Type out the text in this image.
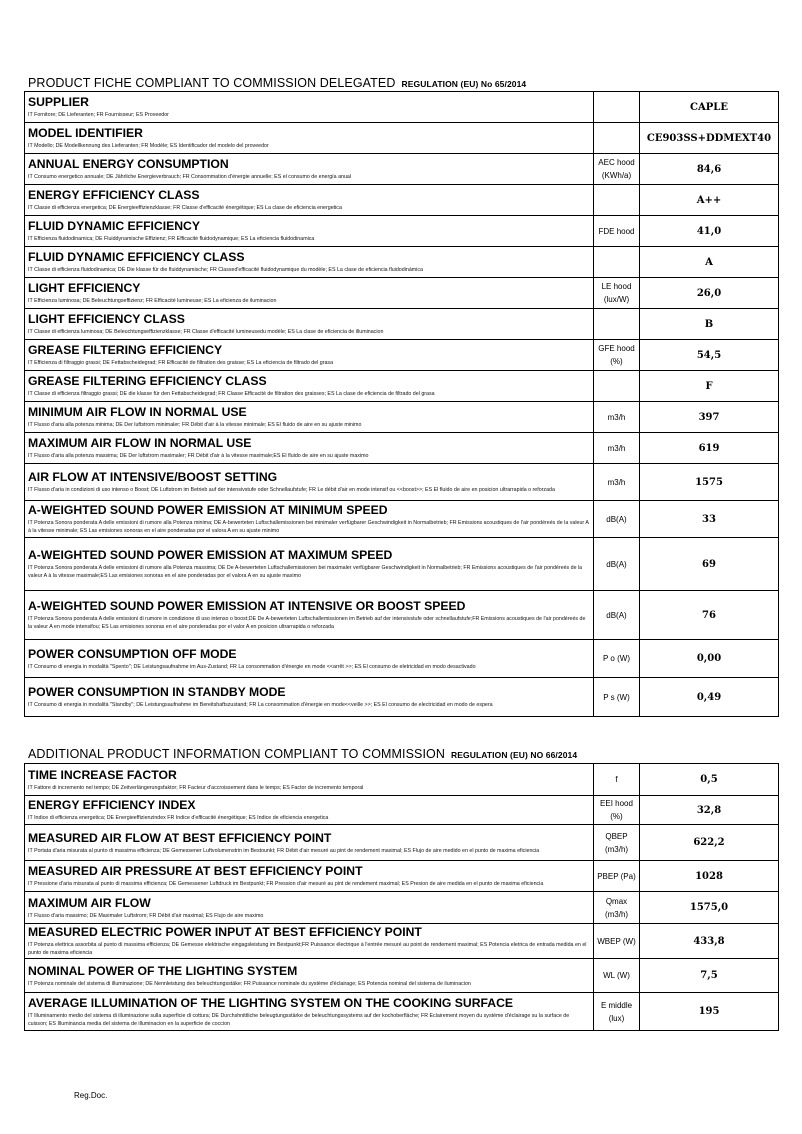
PRODUCT FICHE COMPLIANT TO COMMISSION DELEGATED REGULATION (EU) No 65/2014
SUPPLIER
IT Fornitore; DE Lieferanten; FR Fournisseur; ES Proveedor		CAPLE

MODEL IDENTIFIER
IT Modello; DE Modellkennung des Lieferanten; FR Modèle; ES Identificador del modelo del proveedor		CE903SS+DDMEXT40

ANNUAL ENERGY CONSUMPTION
IT Consumo energetico annuale; DE Jährliche Energieverbrauch; FR Consommation d'énergie annuelle; ES el consumo de energía anual	AEC hood (KWh/a)	84,6

ENERGY EFFICIENCY CLASS
IT Classe di efficienza energetica; DE Energieeffizienzklasse; FR Classe d'efficacité énergétique; ES La clase de eficiencia energetica		A++

FLUID DYNAMIC EFFICIENCY
IT Efficienza fluidodinamica; DE Fluiddynamische Effizienz; FR Efficacité fluidodynamique; ES La eficiencia fluidodinamica	FDE hood	41,0

FLUID DYNAMIC EFFICIENCY CLASS
IT Classe di efficienza fluidodinamica; DE Die klasse für die fluiddynamische; FR Classed'efficacité fluidodynamique du modèle; ES La clase de eficiencia fluidodinámica		A

LIGHT EFFICIENCY
IT Efficienza luminosa; DE Beleuchtungseffizienz; FR Efficacité lumineuse; ES La eficienza de iluminacion	LE hood (lux/W)	26,0

LIGHT EFFICIENCY CLASS
IT Classe di efficienza luminosa; DE Beleuchtungseffizienzklasse; FR Classe d'efficacité lumineusedu modèle; ES La clase de eficiencia de illuminacion		B

GREASE FILTERING EFFICIENCY
IT Efficienza di filtraggio grassi; DE Fettabscheidegrad; FR Efficacité de filtration des graisse; ES La eficiencia de filtrado del grasa	GFE hood (%)	54,5

GREASE FILTERING EFFICIENCY CLASS
IT Classe di efficienza filtraggio grassi; DE die klasse für den Fettabscheidegrad; FR Classe Efficacité de filtration des graisses; ES La clase de eficiencia de filtrado del grasa		F

MINIMUM AIR FLOW IN NORMAL USE
IT Flusso d'aria alla potenza minima; DE Der luftstrom minimaler; FR Débit d'air à la vitesse minimale; ES El fluido de aire en su ajuste minimo	m3/h	397

MAXIMUM AIR FLOW IN NORMAL USE
IT Flusso d'aria alla potenza massima; DE Der luftstrom maximaler; FR Débit d'air à la vitesse maximale;ES El fluido de aire en su ajuste maximo	m3/h	619

AIR FLOW AT INTENSIVE/BOOST SETTING
IT Flusso d'aria in condizioni di uso intenso o Boost; DE Luftstrom im Betrieb auf der intensivstufe oder Schnellaufstufe; FR Le débit d'air en mode intensif ou <<boost>>; ES El fluido de aire en posicion ultrarrapida o reforzada	m3/h	1575

A-WEIGHTED SOUND POWER EMISSION AT MINIMUM SPEED
IT Potenza Sonora ponderata A delle emissioni di rumore alla Potenza minima; DE A-bewerteten Luftschallemissionen bei minimaler verfügbarer Geschwindigkeit in Normalbetrieb; FR Emissions acoustiques de l'air pondéreés de la valeur A à la vitesse minimale; ES Las emisiones sonoras en el aire ponderadas por el valora A en su ajuste minimo	dB(A)	33

A-WEIGHTED SOUND POWER EMISSION AT MAXIMUM SPEED
IT Potenza Sonora ponderata A delle emissioni di rumore alla Potenza massima; DE De A-bewerteten Luftschallemissionen bei maximaler verfügbarer Geschwindigkeit in Normalbetrieb; FR Emissions acoustiques de l'air pondéreés de la valeur A à la vitesse maximale;ES Las emisiones sonoras en el aire ponderadas por el valora A en su ajuste maximo	dB(A)	69

A-WEIGHTED SOUND POWER EMISSION AT INTENSIVE OR BOOST SPEED
IT Potenza Sonora ponderata A delle emissioni di rumore in condizione di uso intenso o boost;DE De A-bewerteten Luftschallemissionen im Betrieb auf der intensivstufe oder schnellaufstufe;FR Emissions acoustiques de l'air pondéreés de la valeur A en mode intensifou; ES Las emisiones sonoras en el aire ponderadas por el valor A en posicion ultrarrapida o reforzada	dB(A)	76

POWER CONSUMPTION OFF MODE
IT Consumo di energia in modalità "Spento"; DE Leistungsaufnahme im Aus-Zustand; FR La consommation d'énergie en mode <<arrêt >>; ES El consumo de eletricidad en modo desactivado	P o (W)	0,00

POWER CONSUMPTION IN STANDBY MODE
IT Consumo di energia in modalità "Standby"; DE Leistungsaufnahme im Bereitshaftszustand; FR La consommation d'énergie en mode<<veille >>; ES El consumo de electricidad en modo de espera	P s (W)	0,49
ADDITIONAL PRODUCT INFORMATION COMPLIANT TO COMMISSION REGULATION (EU) NO 66/2014
TIME INCREASE FACTOR
IT Fattore di incremento nel tempo; DE Zeitverlängerungsfaktor; FR Facteur d'accroissement dans le temps; ES Factor de incremento temporal	f	0,5

ENERGY EFFICIENCY INDEX
IT Indice di efficienza energetica; DE Energieeffizienzindex FR Indice d'efficacité énergétique; ES Indice de eficiencia energetica	EEI hood (%)	32,8

MEASURED AIR FLOW AT BEST EFFICIENCY POINT
IT Portata d'aria misurata al punto di massima efficienza; DE Gemessener Luftvolumenstrin im Bestounkt; FR Débit d'air mesuré au pint de rendement maximal; ES Flujo de aire medido en el punto de maxima eficiencia	QBEP (m3/h)	622,2

MEASURED AIR PRESSURE AT BEST EFFICIENCY POINT
IT Pressione d'aria misurata al punto di massima efficienza; DE Gemessener Luftdruck im Bestpunkt; FR Pression d'air mesuré au pint de rendement maximal; ES Presion de aire medida en el punto de maxima eficiencia	PBEP (Pa)	1028

MAXIMUM AIR FLOW
IT Flusso d'aria massimo; DE Maximaler Luftstrom; FR Débit d'air maximal; ES Flujo de aire maximo	Qmax (m3/h)	1575,0

MEASURED ELECTRIC POWER INPUT AT BEST EFFICIENCY POINT
IT Potenza elettrica assorbita al punto di massima efficienza; DE Gemesse elektrische eingagsleistung im Bestpunkt;FR Puissance électrique à l'entrée mesuré au point de rendement maximal; ES Potencia eletrica de entrada medida en el punto de maxima eficiencia	WBEP (W)	433,8

NOMINAL POWER OF THE LIGHTING SYSTEM
IT Potenza nominale del sistema di illuminazione; DE Nennleistung des beleuchtungsstäke; FR Puissance nominale du système d'éclairage; ES Potencia nominal del sistema de iluminacion	WL (W)	7,5

AVERAGE ILLUMINATION OF THE LIGHTING SYSTEM ON THE COOKING SURFACE
IT Illuminamento medio del sistema di illuminazione sulla superficie di cottura; DE Durchshnittliche beleugtungsstärke de beleuchtungssystems auf der kochoberfläche; FR Eclairement moyen du système d'éclairage su la surface de cuisson; ES Illuminancia media del sistema de illuminacion en la superficie de coccion	E middle (lux)	195
Reg.Doc.
